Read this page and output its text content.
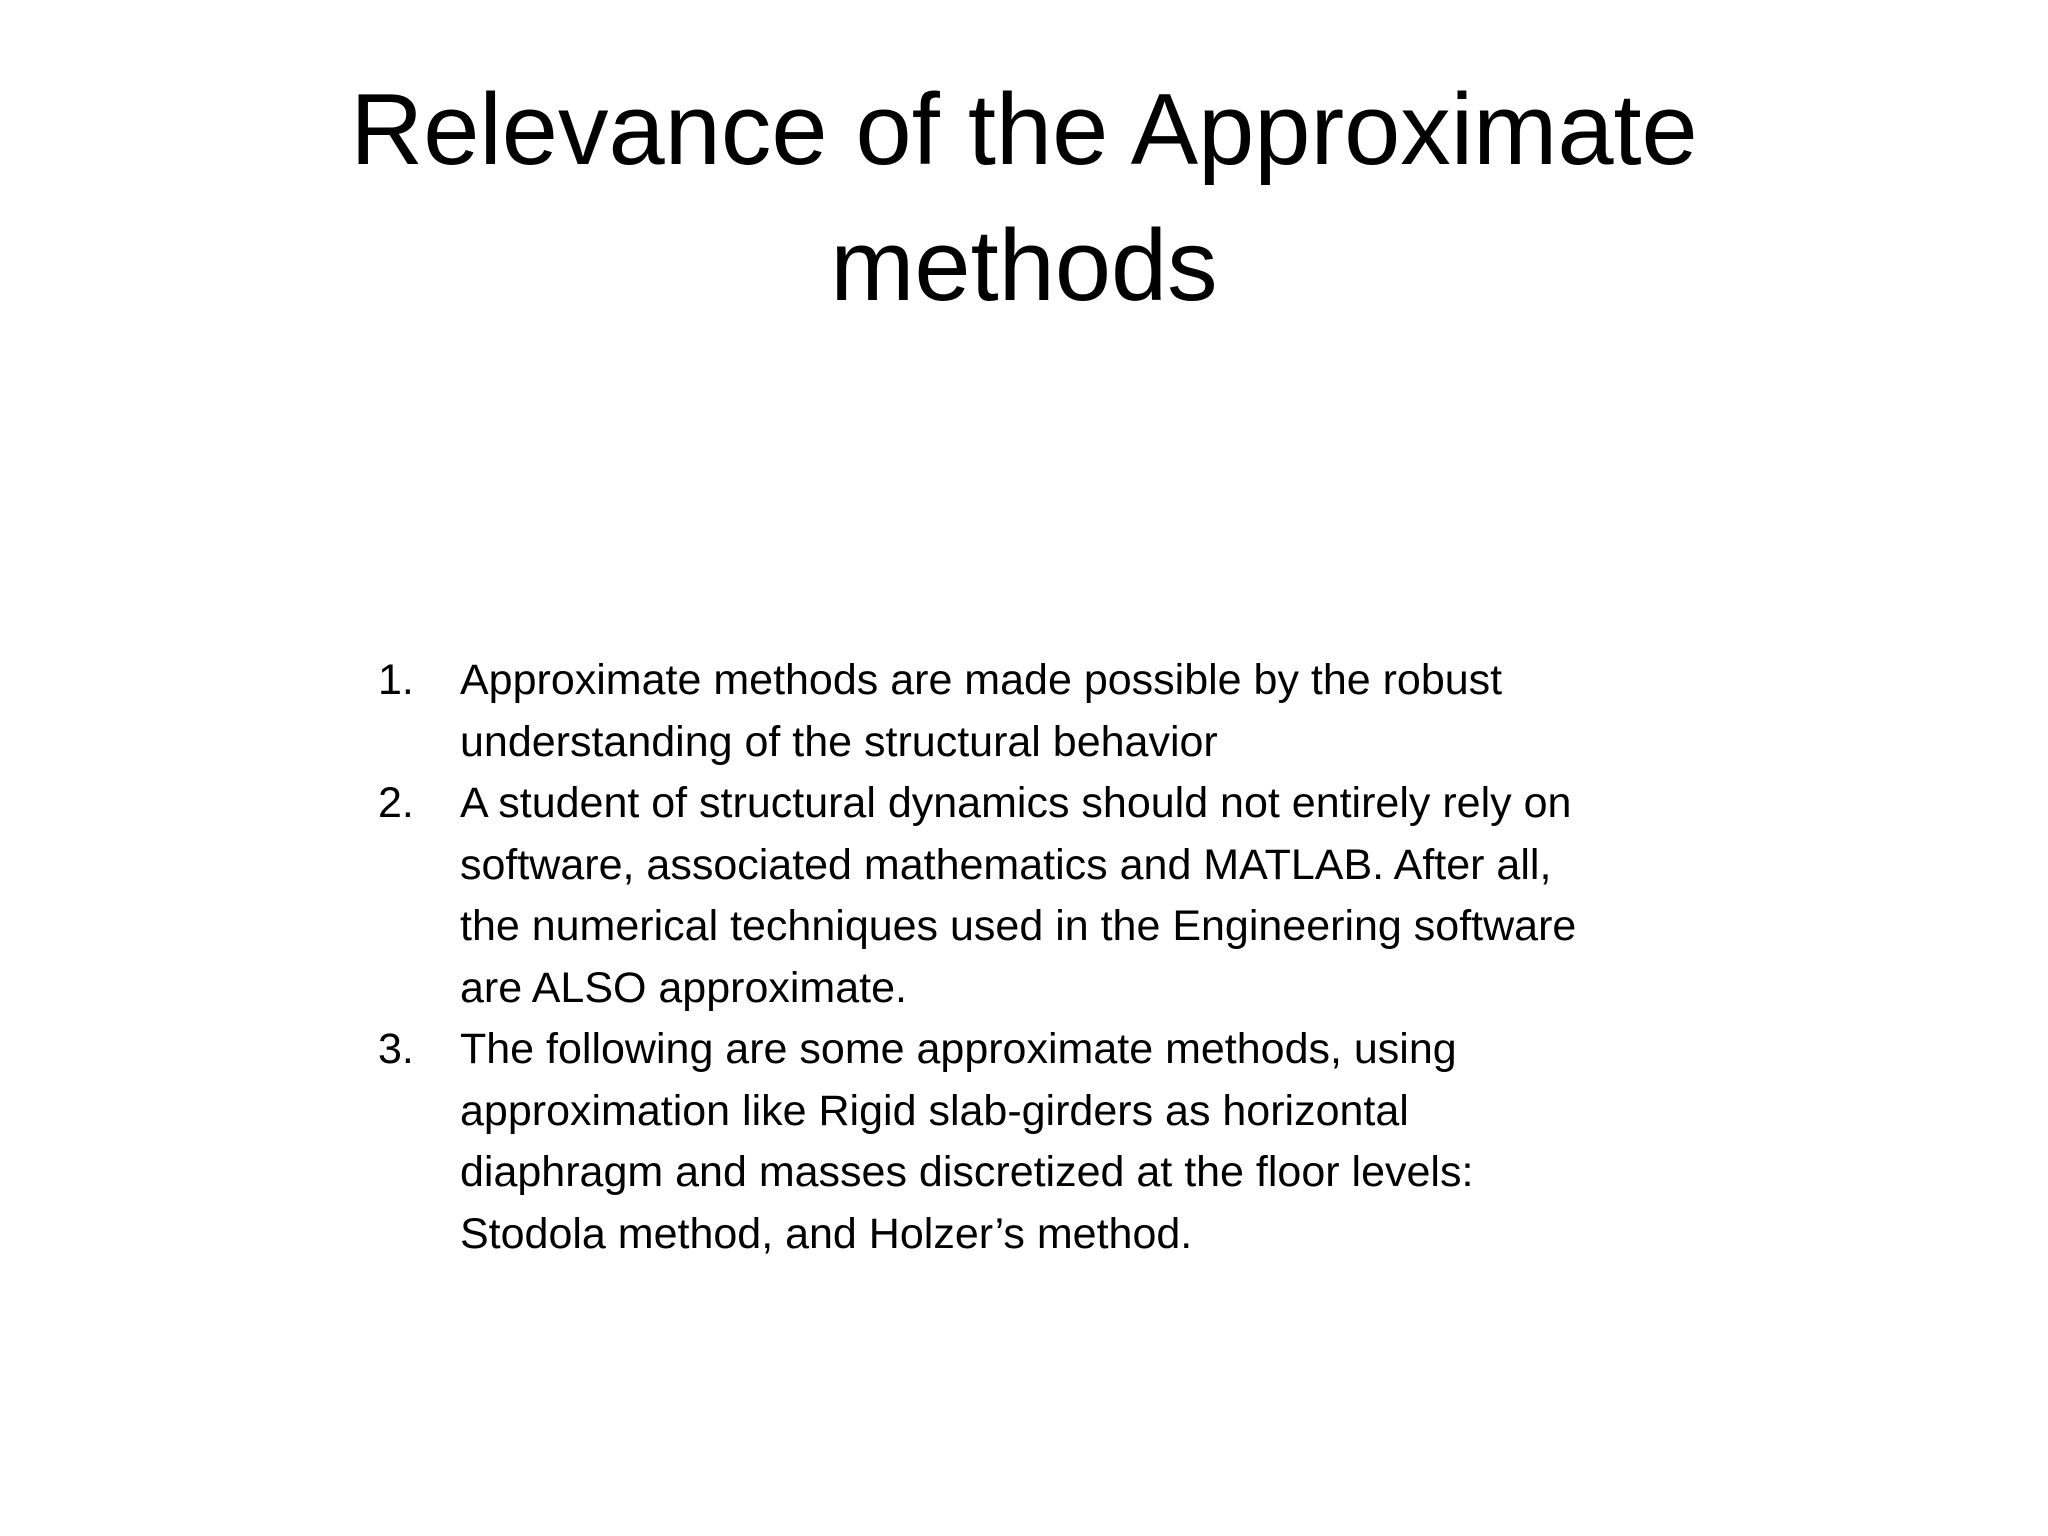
Relevance of the Approximate
methods
1.	Approximate methods are made possible by the robust understanding of the structural behavior
2.	A student of structural dynamics should not entirely rely on software, associated mathematics and MATLAB. After all, the numerical techniques used in the Engineering software are ALSO approximate.
3.	The following are some approximate methods, using approximation like Rigid slab-girders as horizontal diaphragm and masses discretized at the floor levels: Stodola method, and Holzer’s method.
